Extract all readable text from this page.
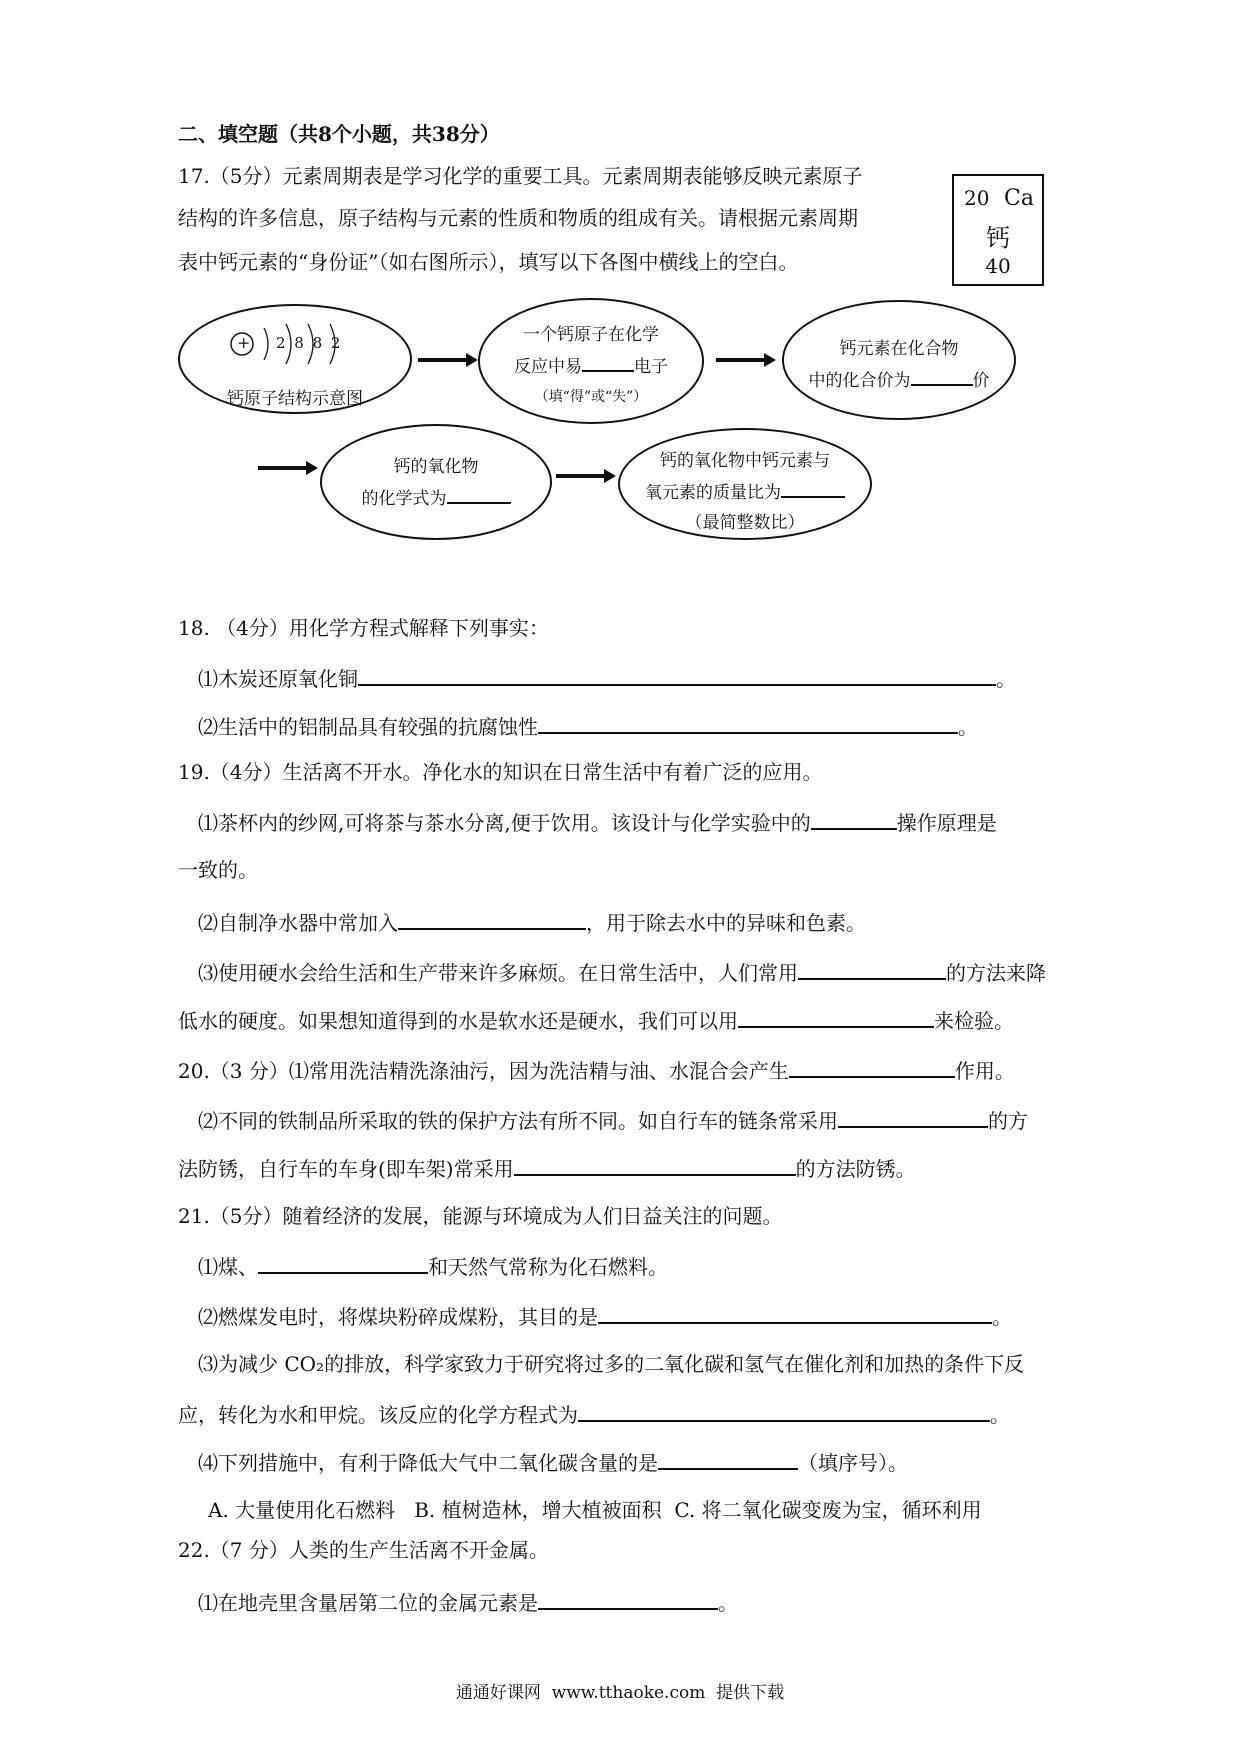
二、填空题（共8个小题，共38分）
17.（5分）元素周期表是学习化学的重要工具。元素周期表能够反映元素原子
结构的许多信息，原子结构与元素的性质和物质的组成有关。请根据元素周期
表中钙元素的“身份证”（如右图所示），填写以下各图中横线上的空白。
20 Ca
钙
40
+ 2 8 8 2
钙原子结构示意图
一个钙原子在化学
反应中易	电子
（填“得”或“失”）
钙元素在化合物
中的化合价为	价
钙的氧化物
的化学式为
钙的氧化物中钙元素与
氧元素的质量比为
（最简整数比）
18. （4分）用化学方程式解释下列事实：
⑴木炭还原氧化铜	。
⑵生活中的铝制品具有较强的抗腐蚀性	。
19.（4分）生活离不开水。净化水的知识在日常生活中有着广泛的应用。
⑴茶杯内的纱网,可将茶与茶水分离,便于饮用。该设计与化学实验中的	操作原理是
一致的。
⑵自制净水器中常加入	，用于除去水中的异味和色素。
⑶使用硬水会给生活和生产带来许多麻烦。在日常生活中，人们常用	的方法来降
低水的硬度。如果想知道得到的水是软水还是硬水，我们可以用	来检验。
20.（3 分）⑴常用洗洁精洗涤油污，因为洗洁精与油、水混合会产生	作用。
⑵不同的铁制品所采取的铁的保护方法有所不同。如自行车的链条常采用	的方
法防锈，自行车的车身(即车架)常采用	的方法防锈。
21.（5分）随着经济的发展，能源与环境成为人们日益关注的问题。
⑴煤、	和天然气常称为化石燃料。
⑵燃煤发电时，将煤块粉碎成煤粉，其目的是	。
⑶为减少 CO₂的排放，科学家致力于研究将过多的二氧化碳和氢气在催化剂和加热的条件下反
应，转化为水和甲烷。该反应的化学方程式为	。
⑷下列措施中，有利于降低大气中二氧化碳含量的是	（填序号）。
A. 大量使用化石燃料   B. 植树造林，增大植被面积  C. 将二氧化碳变废为宝，循环利用
22.（7 分）人类的生产生活离不开金属。
⑴在地壳里含量居第二位的金属元素是	。
通通好课网  www.tthaoke.com  提供下载
